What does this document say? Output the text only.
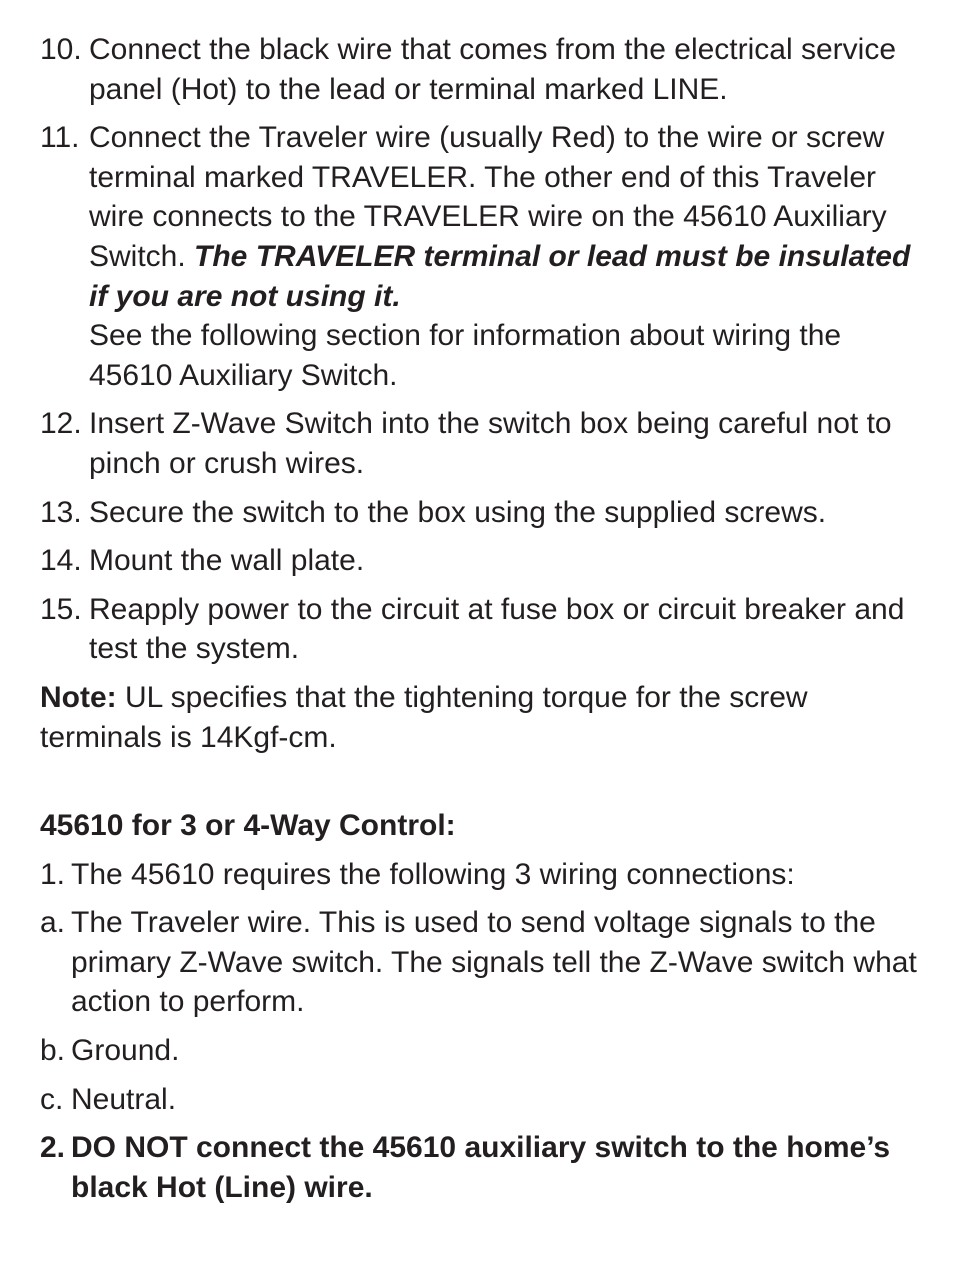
10. Connect the black wire that comes from the electrical service panel (Hot) to the lead or terminal marked LINE.
11. Connect the Traveler wire (usually Red) to the wire or screw terminal marked TRAVELER. The other end of this Traveler wire connects to the TRAVELER wire on the 45610 Auxiliary Switch. The TRAVELER terminal or lead must be insulated if you are not using it.
See the following section for information about wiring the 45610 Auxiliary Switch.
12. Insert Z-Wave Switch into the switch box being careful not to pinch or crush wires.
13. Secure the switch to the box using the supplied screws.
14. Mount the wall plate.
15. Reapply power to the circuit at fuse box or circuit breaker and test the system.
Note: UL specifies that the tightening torque for the screw terminals is 14Kgf-cm.
45610 for 3 or 4-Way Control:
1. The 45610 requires the following 3 wiring connections:
a. The Traveler wire. This is used to send voltage signals to the primary Z-Wave switch. The signals tell the Z-Wave switch what action to perform.
b. Ground.
c. Neutral.
2. DO NOT connect the 45610 auxiliary switch to the home’s black Hot (Line) wire.
